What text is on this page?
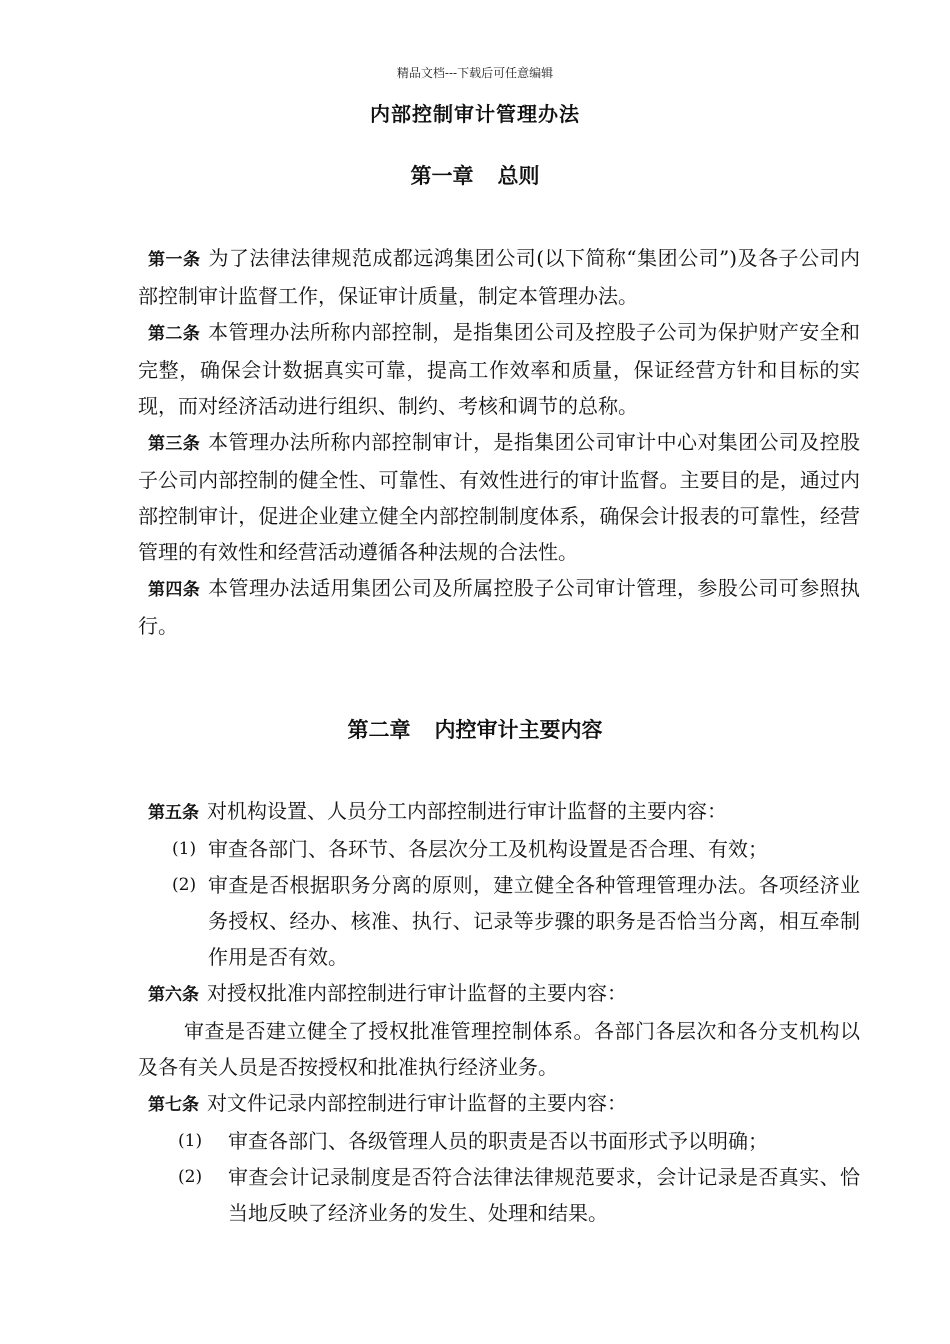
精品文档---下载后可任意编辑
内部控制审计管理办法
第一章 总则
第一条 为了法律法律规范成都远鸿集团公司(以下简称“集团公司”)及各子公司内部控制审计监督工作，保证审计质量，制定本管理办法。
第二条 本管理办法所称内部控制，是指集团公司及控股子公司为保护财产安全和完整，确保会计数据真实可靠，提高工作效率和质量，保证经营方针和目标的实现，而对经济活动进行组织、制约、考核和调节的总称。
第三条 本管理办法所称内部控制审计，是指集团公司审计中心对集团公司及控股子公司内部控制的健全性、可靠性、有效性进行的审计监督。主要目的是，通过内部控制审计，促进企业建立健全内部控制制度体系，确保会计报表的可靠性，经营管理的有效性和经营活动遵循各种法规的合法性。
第四条 本管理办法适用集团公司及所属控股子公司审计管理，参股公司可参照执行。
第二章 内控审计主要内容
第五条 对机构设置、人员分工内部控制进行审计监督的主要内容：
(1) 审查各部门、各环节、各层次分工及机构设置是否合理、有效；
(2) 审查是否根据职务分离的原则，建立健全各种管理管理办法。各项经济业务授权、经办、核准、执行、记录等步骤的职务是否恰当分离，相互牵制作用是否有效。
第六条 对授权批准内部控制进行审计监督的主要内容：
审查是否建立健全了授权批准管理控制体系。各部门各层次和各分支机构以及各有关人员是否按授权和批准执行经济业务。
第七条 对文件记录内部控制进行审计监督的主要内容：
(1) 审查各部门、各级管理人员的职责是否以书面形式予以明确；
(2) 审查会计记录制度是否符合法律法律规范要求，会计记录是否真实、恰当地反映了经济业务的发生、处理和结果。
